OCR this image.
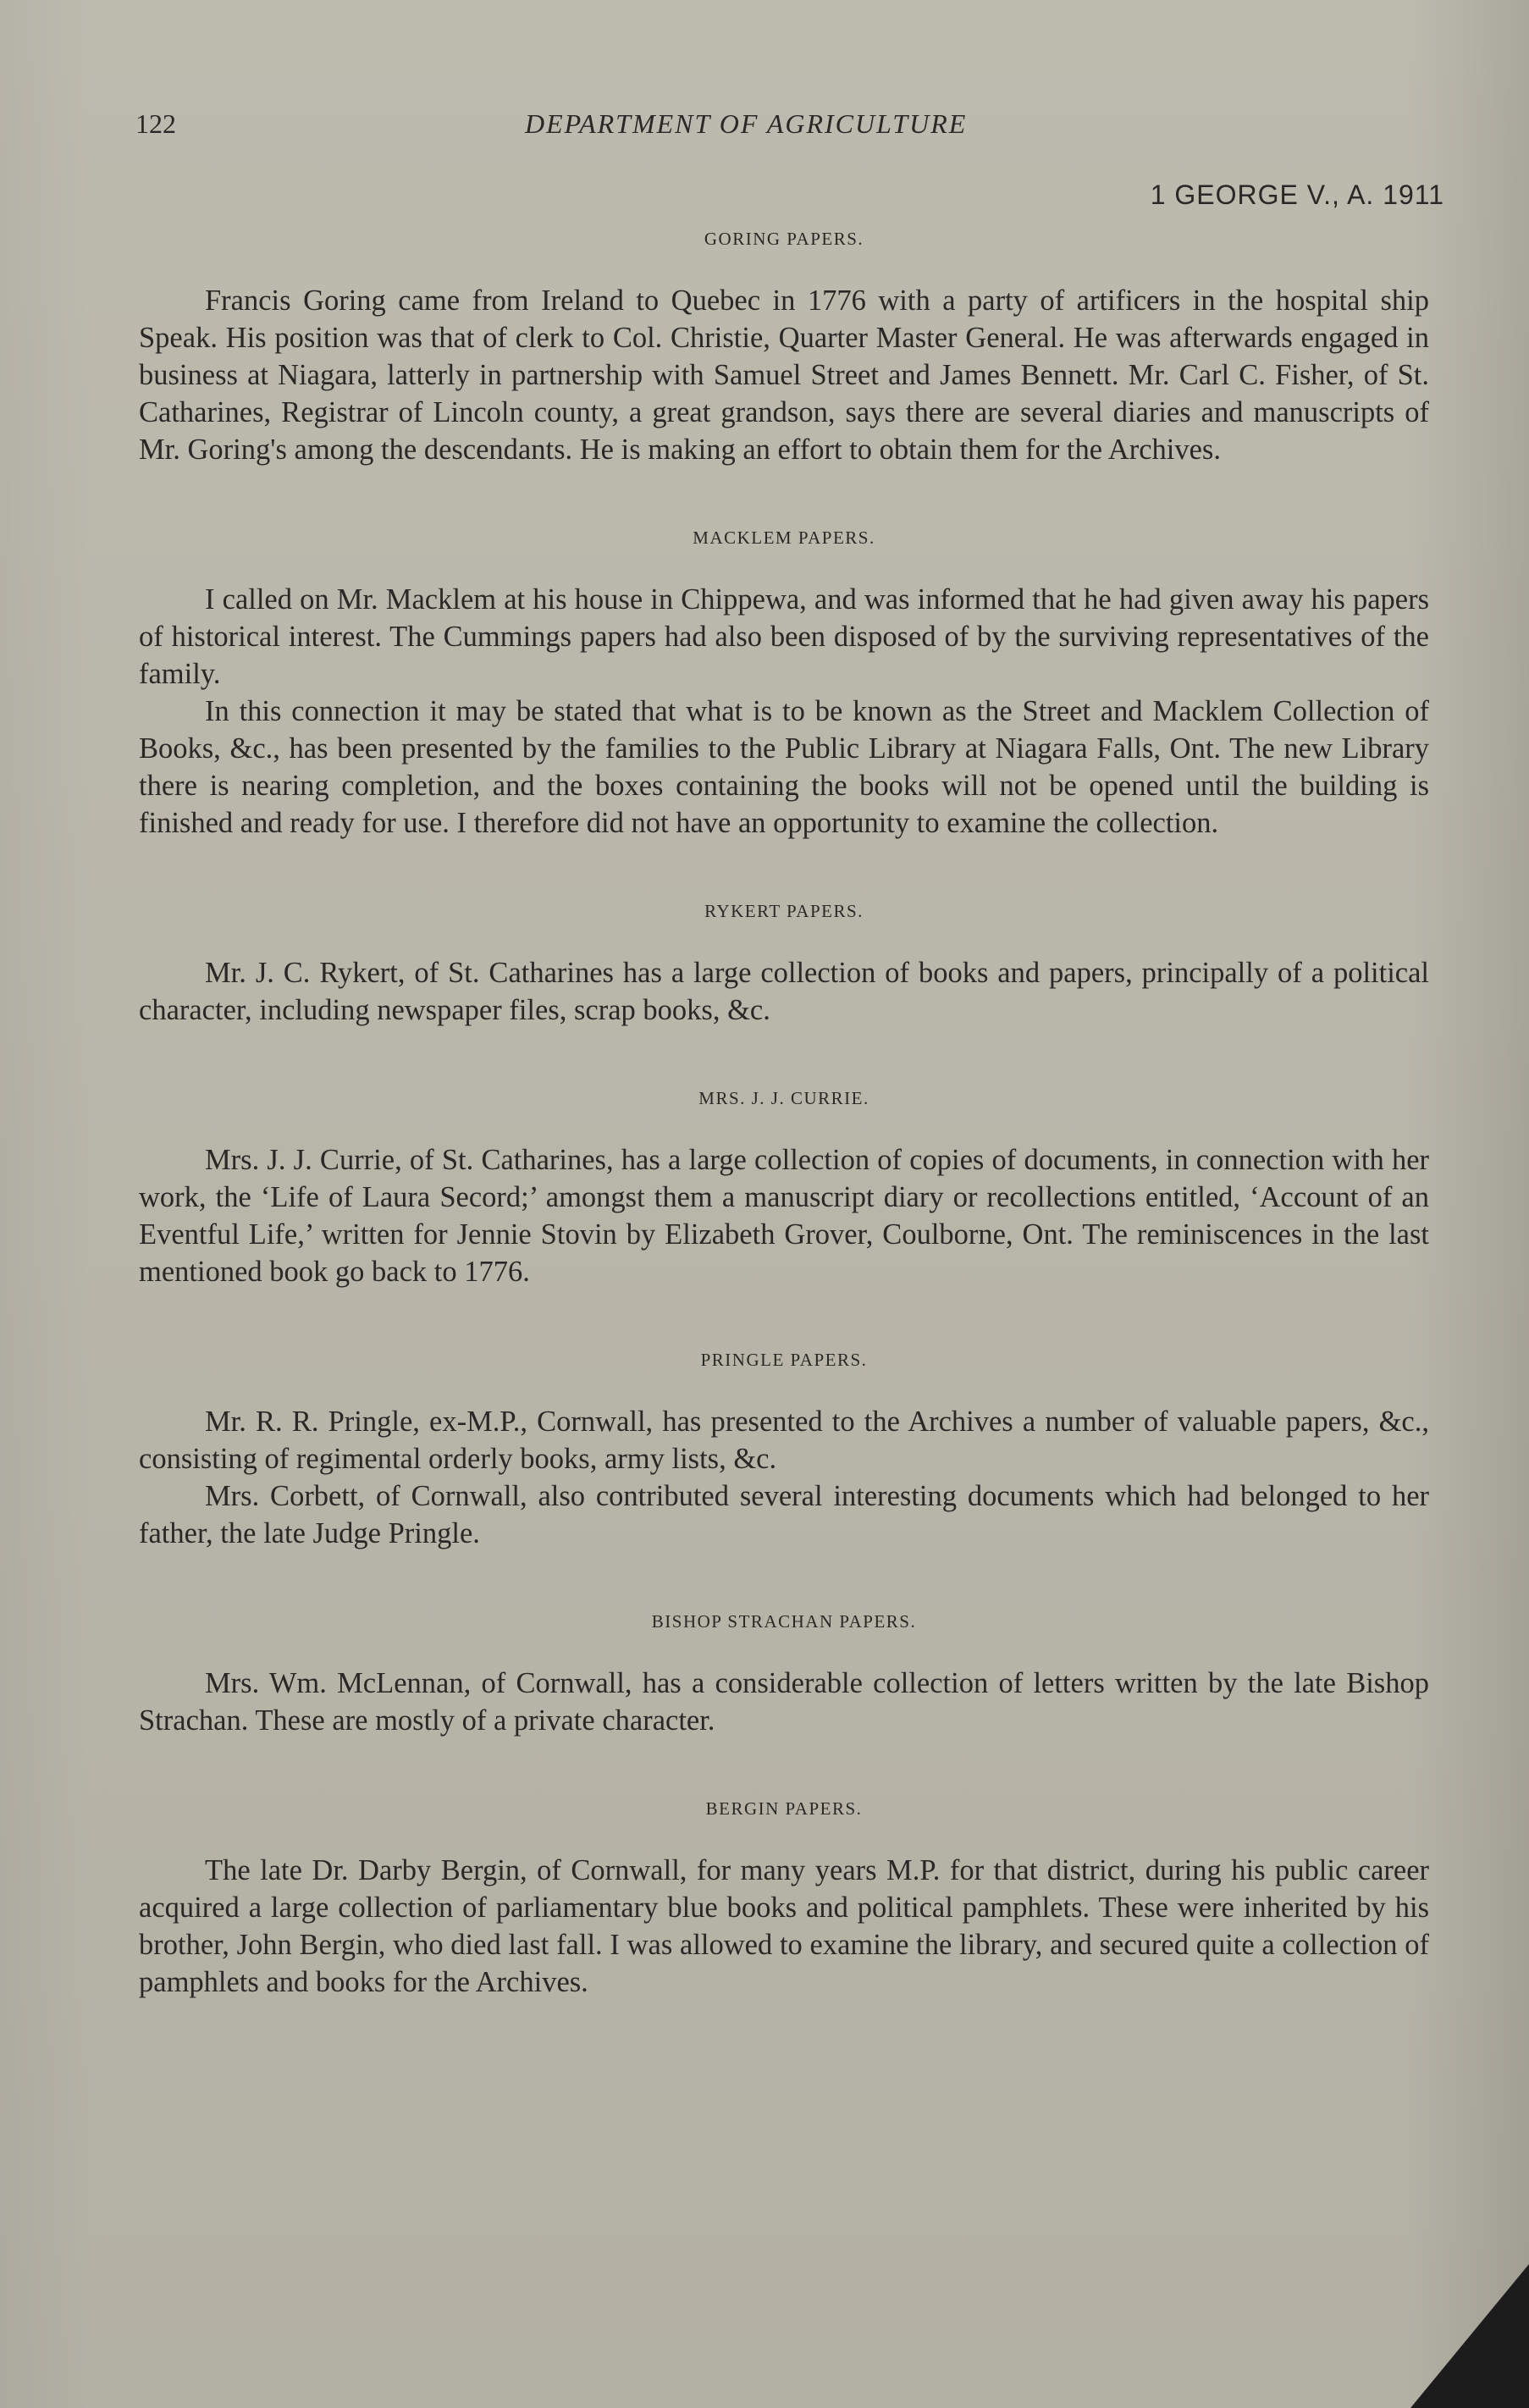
122	DEPARTMENT OF AGRICULTURE
1 GEORGE V., A. 1911
GORING PAPERS.

Francis Goring came from Ireland to Quebec in 1776 with a party of artificers in the hospital ship Speak. His position was that of clerk to Col. Christie, Quarter Master General. He was afterwards engaged in business at Niagara, latterly in partnership with Samuel Street and James Bennett. Mr. Carl C. Fisher, of St. Catharines, Registrar of Lincoln county, a great grandson, says there are several diaries and manuscripts of Mr. Goring's among the descendants. He is making an effort to obtain them for the Archives.

MACKLEM PAPERS.

I called on Mr. Macklem at his house in Chippewa, and was informed that he had given away his papers of historical interest. The Cummings papers had also been disposed of by the surviving representatives of the family.

In this connection it may be stated that what is to be known as the Street and Macklem Collection of Books, &c., has been presented by the families to the Public Library at Niagara Falls, Ont. The new Library there is nearing completion, and the boxes containing the books will not be opened until the building is finished and ready for use. I therefore did not have an opportunity to examine the collection.

RYKERT PAPERS.

Mr. J. C. Rykert, of St. Catharines has a large collection of books and papers, principally of a political character, including newspaper files, scrap books, &c.

MRS. J. J. CURRIE.

Mrs. J. J. Currie, of St. Catharines, has a large collection of copies of documents, in connection with her work, the ‘Life of Laura Secord;’ amongst them a manuscript diary or recollections entitled, ‘Account of an Eventful Life,’ written for Jennie Stovin by Elizabeth Grover, Coulborne, Ont. The reminiscences in the last mentioned book go back to 1776.

PRINGLE PAPERS.

Mr. R. R. Pringle, ex-M.P., Cornwall, has presented to the Archives a number of valuable papers, &c., consisting of regimental orderly books, army lists, &c.

Mrs. Corbett, of Cornwall, also contributed several interesting documents which had belonged to her father, the late Judge Pringle.

BISHOP STRACHAN PAPERS.

Mrs. Wm. McLennan, of Cornwall, has a considerable collection of letters written by the late Bishop Strachan. These are mostly of a private character.

BERGIN PAPERS.

The late Dr. Darby Bergin, of Cornwall, for many years M.P. for that district, during his public career acquired a large collection of parliamentary blue books and political pamphlets. These were inherited by his brother, John Bergin, who died last fall. I was allowed to examine the library, and secured quite a collection of pamphlets and books for the Archives.
